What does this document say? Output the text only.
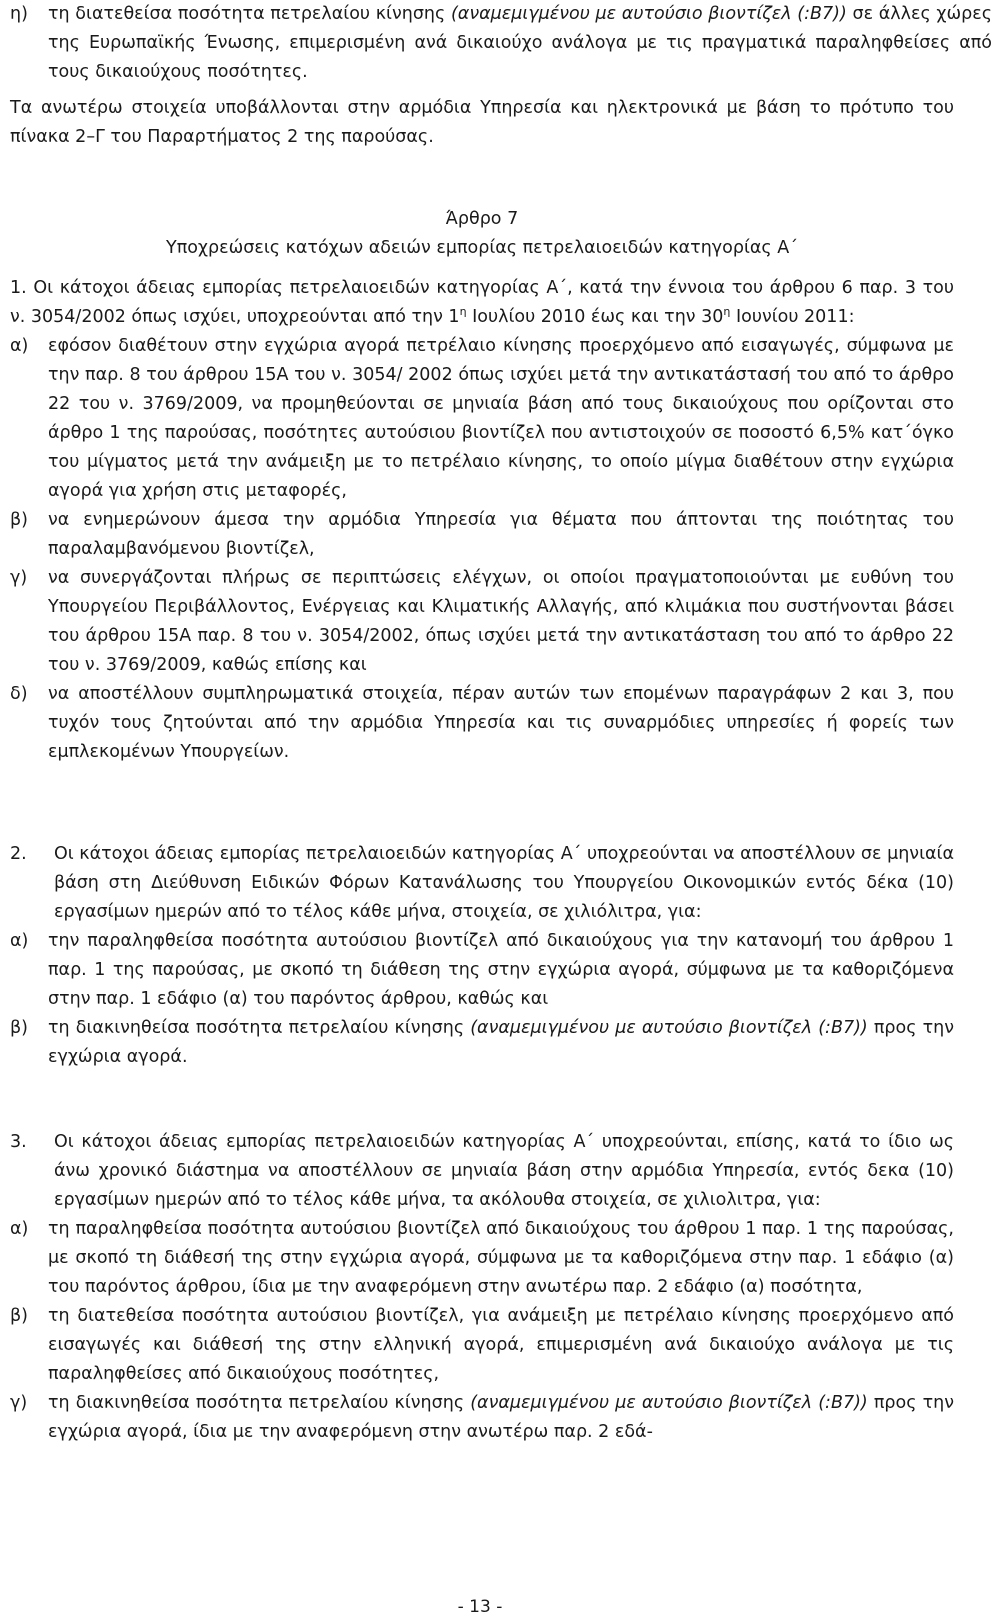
η) τη διατεθείσα ποσότητα πετρελαίου κίνησης (αναμεμιγμένου με αυτούσιο βιοντίζελ (:Β7)) σε άλλες χώρες της Ευρωπαϊκής Ένωσης, επιμερισμένη ανά δικαιούχο ανάλογα με τις πραγματικά παραληφθείσες από τους δικαιούχους ποσότητες.

Τα ανωτέρω στοιχεία υποβάλλονται στην αρμόδια Υπηρεσία και ηλεκτρονικά με βάση το πρότυπο του πίνακα 2–Γ του Παραρτήματος 2 της παρούσας.

Άρθρο 7

Υποχρεώσεις κατόχων αδειών εμπορίας πετρελαιοειδών κατηγορίας Α΄

1. Οι κάτοχοι άδειας εμπορίας πετρελαιοειδών κατηγορίας Α΄, κατά την έννοια του άρθρου 6 παρ. 3 του ν. 3054/2002 όπως ισχύει, υποχρεούνται από την $1^\eta$ Ιουλίου 2010 έως και την $30^\eta$ Ιουνίου 2011:

α) εφόσον διαθέτουν στην εγχώρια αγορά πετρέλαιο κίνησης προερχόμενο από εισαγωγές, σύμφωνα με την παρ. 8 του άρθρου 15Α του ν. 3054/ 2002 όπως ισχύει μετά την αντικατάστασή του από το άρθρο 22 του ν. 3769/2009, να προμηθεύονται σε μηνιαία βάση από τους δικαιούχους που ορίζονται στο άρθρο 1 της παρούσας, ποσότητες αυτούσιου βιοντίζελ που αντιστοιχούν σε ποσοστό 6,5% κατ΄όγκο του μίγματος μετά την ανάμειξη με το πετρέλαιο κίνησης, το οποίο μίγμα διαθέτουν στην εγχώρια αγορά για χρήση στις μεταφορές,
β) να ενημερώνουν άμεσα την αρμόδια Υπηρεσία για θέματα που άπτονται της ποιότητας του παραλαμβανόμενου βιοντίζελ,
γ) να συνεργάζονται πλήρως σε περιπτώσεις ελέγχων, οι οποίοι πραγματοποιούνται με ευθύνη του Υπουργείου Περιβάλλοντος, Ενέργειας και Κλιματικής Αλλαγής, από κλιμάκια που συστήνονται βάσει του άρθρου 15Α παρ. 8 του ν. 3054/2002, όπως ισχύει μετά την αντικατάσταση του από το άρθρο 22 του ν. 3769/2009, καθώς επίσης και
δ) να αποστέλλουν συμπληρωματικά στοιχεία, πέραν αυτών των επομένων παραγράφων 2 και 3, που τυχόν τους ζητούνται από την αρμόδια Υπηρεσία και τις συναρμόδιες υπηρεσίες ή φορείς των εμπλεκομένων Υπουργείων.
2. Οι κάτοχοι άδειας εμπορίας πετρελαιοειδών κατηγορίας Α΄ υποχρεούνται να αποστέλλουν σε μηνιαία βάση στη Διεύθυνση Ειδικών Φόρων Κατανάλωσης του Υπουργείου Οικονομικών εντός δέκα (10) εργασίμων ημερών από το τέλος κάθε μήνα, στοιχεία, σε χιλιόλιτρα, για:
α) την παραληφθείσα ποσότητα αυτούσιου βιοντίζελ από δικαιούχους για την κατανομή του άρθρου 1 παρ. 1 της παρούσας, με σκοπό τη διάθεση της στην εγχώρια αγορά, σύμφωνα με τα καθοριζόμενα στην παρ. 1 εδάφιο (α) του παρόντος άρθρου, καθώς και
β) τη διακινηθείσα ποσότητα πετρελαίου κίνησης (αναμεμιγμένου με αυτούσιο βιοντίζελ (:Β7)) προς την εγχώρια αγορά.
3. Οι κάτοχοι άδειας εμπορίας πετρελαιοειδών κατηγορίας Α΄ υποχρεούνται, επίσης, κατά το ίδιο ως άνω χρονικό διάστημα να αποστέλλουν σε μηνιαία βάση στην αρμόδια Υπηρεσία, εντός δεκα (10) εργασίμων ημερών από το τέλος κάθε μήνα, τα ακόλουθα στοιχεία, σε χιλιολιτρα, για:
α) τη παραληφθείσα ποσότητα αυτούσιου βιοντίζελ από δικαιούχους του άρθρου 1 παρ. 1 της παρούσας, με σκοπό τη διάθεσή της στην εγχώρια αγορά, σύμφωνα με τα καθοριζόμενα στην παρ. 1 εδάφιο (α) του παρόντος άρθρου, ίδια με την αναφερόμενη στην ανωτέρω παρ. 2 εδάφιο (α) ποσότητα,
β) τη διατεθείσα ποσότητα αυτούσιου βιοντίζελ, για ανάμειξη με πετρέλαιο κίνησης προερχόμενο από εισαγωγές και διάθεσή της στην ελληνική αγορά, επιμερισμένη ανά δικαιούχο ανάλογα με τις παραληφθείσες από δικαιούχους ποσότητες,
γ) τη διακινηθείσα ποσότητα πετρελαίου κίνησης (αναμεμιγμένου με αυτούσιο βιοντίζελ (:Β7)) προς την εγχώρια αγορά, ίδια με την αναφερόμενη στην ανωτέρω παρ. 2 εδά-
- 13 -
